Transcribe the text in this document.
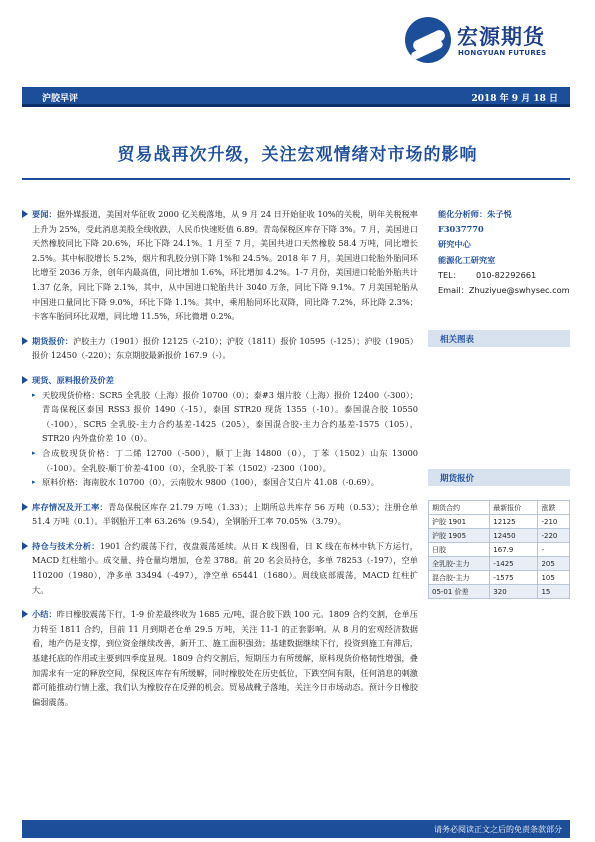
宏源期货
HONGYUAN FUTURES
沪胶早评	2018 年 9 月 18 日
贸易战再次升级，关注宏观情绪对市场的影响
要闻：据外媒报道，美国对华征收 2000 亿关税落地，从 9 月 24 日开始征收 10%的关税，明年关税税率上升为 25%，受此消息美股全线收跌，人民币快速贬值 6.89。青岛保税区库存下降 3%。7 月，美国进口天然橡胶同比下降 20.6%，环比下降 24.1%。1 月至 7 月，美国共进口天然橡胶 58.4 万吨，同比增长 2.5%。其中标胶增长 5.2%，烟片和乳胶分别下降 1%和 24.5%。2018 年 7 月，美国进口轮胎外胎同环比增至 2036 万条，创年内最高值，同比增加 1.6%，环比增加 4.2%。1-7 月份，美国进口轮胎外胎共计 1.37 亿条，同比下降 2.1%，其中，从中国进口轮胎共计 3040 万条，同比下降 9.1%。7 月美国轮胎从中国进口量同比下降 9.0%，环比下降 1.1%。其中，乘用胎同环比双降，同比降 7.2%，环比降 2.3%；卡客车胎同环比双增，同比增 11.5%，环比微增 0.2%。
期货报价：沪胶主力（1901）报价 12125（-210）；沪胶（1811）报价 10595（-125）；沪胶（1905）报价 12450（-220）；东京期胶最新报价 167.9（-）。
现货、原料报价及价差
▸ 天胶现货价格：SCR5 全乳胶（上海）报价 10700（0）；泰#3 烟片胶（上海）报价 12400（-300）；青岛保税区泰国 RSS3 报价 1490（-15），泰国 STR20 现货 1355（-10）。泰国混合胶 10550（-100），SCR5 全乳胶-主力合约基差-1425（205），泰国混合胶-主力合约基差-1575（105），STR20 内外盘价差 10（0）。
▸ 合成胶现货价格：丁二烯 12700（-500），顺丁上海 14800（0），丁苯（1502）山东 13000（-100）。全乳胶-顺丁价差-4100（0），全乳胶-丁苯（1502）-2300（100）。
▸ 原料价格：海南胶水 10700（0），云南胶水 9800（100），泰国合艾白片 41.08（-0.69）。
库存情况及开工率：青岛保税区库存 21.79 万吨（1.33）；上期所总共库存 56 万吨（0.53）；注册仓单 51.4 万吨（0.1）。半钢胎开工率 63.26%（9.54），全钢胎开工率 70.05%（3.79）。
持仓与技术分析：1901 合约震荡下行，夜盘震荡延续。从日 K 线图看，日 K 线在布林中轨下方运行，MACD 红柱缩小。成交量、持仓量均增加，仓差 3788。前 20 名会员持仓，多单 78253（-197），空单 110200（1980），净多单 33494（-497），净空单 65441（1680）。周线底部震荡，MACD 红柱扩大。
小结：昨日橡胶震荡下行，1-9 价差最终收为 1685 元/吨，混合胶下跌 100 元。1809 合约交割，仓单压力转至 1811 合约，目前 11 月到期老仓单 29.5 万吨，关注 11-1 的正套影响。从 8 月的宏观经济数据看，地产仍是支撑，到位资金继续改善，新开工、施工面积强劲；基建数据继续下行，投资到施工有滞后，基建托底的作用或主要到四季度显现。1809 合约交割后，短期压力有所缓解，原料现货价格韧性增强，叠加需求有一定的释放空间，保税区库存有所缓解，同时橡胶处在历史低位，下跌空间有限，任何消息的刺激都可能推动行情上涨，我们认为橡胶存在反弹的机会。贸易战靴子落地，关注今日市场动态。预计今日橡胶偏弱震荡。
能化分析师：朱子悦
F3037770
研究中心
能源化工研究室
TEL：	010-82292661
Email： Zhuziyue@swhysec.com
相关图表
期货报价
期货合约	最新报价	涨跌
沪胶 1901	12125	-210
沪胶 1905	12450	-220
日胶	167.9	-
全乳胶-主力	-1425	205
混合胶-主力	-1575	105
05-01 价差	320	15
请务必阅读正文之后的免责条款部分
